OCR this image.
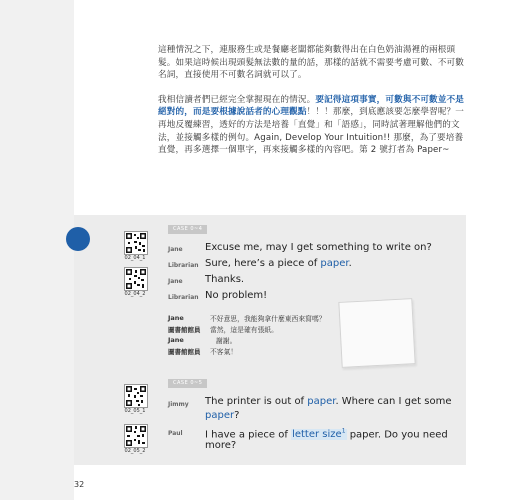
這種情況之下，連服務生或是餐廳老闆都能夠數得出在白色奶油湯裡的兩根頭髮。如果這時候出現頭髮無法數的量的話，那樣的話就不需要考慮可數、不可數名詞，直接使用不可數名詞就可以了。

我相信讀者們已經完全掌握現在的情況。要記得這項事實，可數與不可數並不是絕對的，而是要根據說話者的心理觀點！！！那麼，到底應該要怎麼學習呢？一再地反覆練習，透好的方法是培養「直覺」和「語感」，同時試著理解他們的文法，並接觸多樣的例句。Again, Develop Your Intuition!! 那麼，為了要培養直覺，再多選擇一個單字，再來接觸多樣的內容吧。第 2 號打者為 Paper~

CASE 0~4
02_04_1
02_04_2
Jane Excuse me, may I get something to write on?
Librarian Sure, here’s a piece of paper.
Jane Thanks.
Librarian No problem!
Jane	不好意思，我能夠拿什麼東西來寫嗎？
圖書館館員 當然，這是確有張紙。
Jane	謝謝。
圖書館館員 不客氣！
CASE 0~5
02_05_1
02_05_2
Jimmy The printer is out of paper. Where can I get some
paper?
Paul I have a piece of letter size$^1$ paper. Do you need
more?
32
